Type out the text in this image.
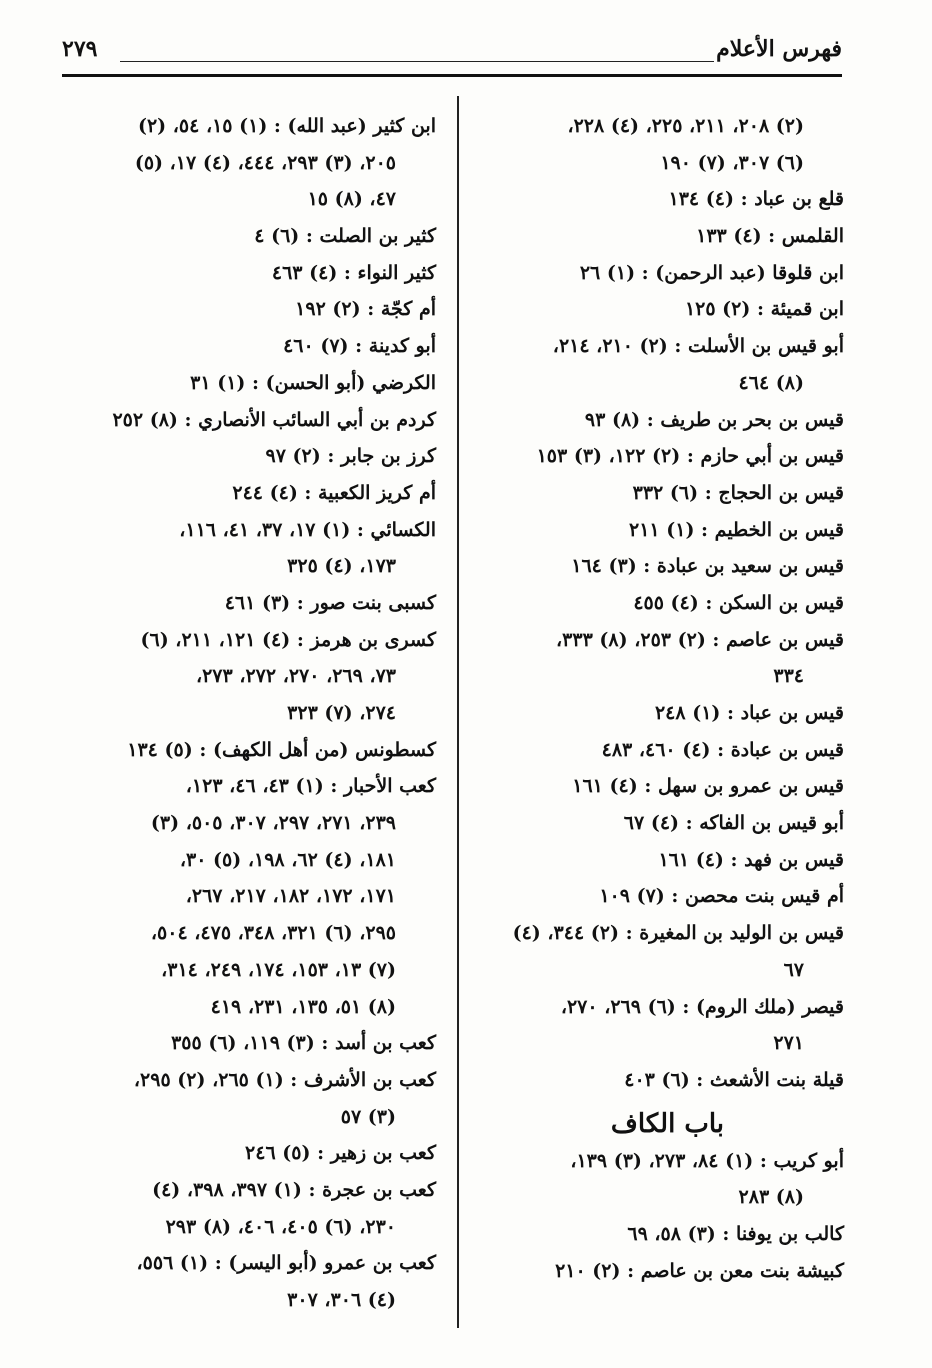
فهرس الأعلام
٢٧٩
(٢) ٢٠٨، ٢١١، ٢٢٥، (٤) ٢٢٨،
(٦) ٣٠٧، (٧) ١٩٠
قلع بن عباد : (٤) ١٣٤
القلمس : (٤) ١٣٣
ابن قلوقا (عبد الرحمن) : (١) ٢٦
ابن قميئة : (٢) ١٢٥
أبو قيس بن الأسلت : (٢) ٢١٠، ٢١٤،
(٨) ٤٦٤
قيس بن بحر بن طريف : (٨) ٩٣
قيس بن أبي حازم : (٢) ١٢٢، (٣) ١٥٣
قيس بن الحجاج : (٦) ٣٣٢
قيس بن الخطيم : (١) ٢١١
قيس بن سعيد بن عبادة : (٣) ١٦٤
قيس بن السكن : (٤) ٤٥٥
قيس بن عاصم : (٢) ٢٥٣، (٨) ٣٣٣،
٣٣٤
قيس بن عباد : (١) ٢٤٨
قيس بن عبادة : (٤) ٤٦٠، ٤٨٣
قيس بن عمرو بن سهل : (٤) ١٦١
أبو قيس بن الفاكه : (٤) ٦٧
قيس بن فهد : (٤) ١٦١
أم قيس بنت محصن : (٧) ١٠٩
قيس بن الوليد بن المغيرة : (٢) ٣٤٤، (٤)
٦٧
قيصر (ملك الروم) : (٦) ٢٦٩، ٢٧٠،
٢٧١
قيلة بنت الأشعث : (٦) ٤٠٣
باب الكاف
أبو كريب : (١) ٨٤، ٢٧٣، (٣) ١٣٩،
(٨) ٢٨٣
كالب بن يوفنا : (٣) ٥٨، ٦٩
كبيشة بنت معن بن عاصم : (٢) ٢١٠
ابن كثير (عبد الله) : (١) ١٥، ٥٤، (٢)
٢٠٥، (٣) ٢٩٣، ٤٤٤، (٤) ١٧، (٥)
٤٧، (٨) ١٥
كثير بن الصلت : (٦) ٤
كثير النواء : (٤) ٤٦٣
أم كجّة : (٢) ١٩٢
أبو كدينة : (٧) ٤٦٠
الكرضي (أبو الحسن) : (١) ٣١
كردم بن أبي السائب الأنصاري : (٨) ٢٥٢
كرز بن جابر : (٢) ٩٧
أم كريز الكعبية : (٤) ٢٤٤
الكسائي : (١) ١٧، ٣٧، ٤١، ١١٦،
١٧٣، (٤) ٣٢٥
كسبى بنت صور : (٣) ٤٦١
كسرى بن هرمز : (٤) ١٢١، ٢١١، (٦)
٧٣، ٢٦٩، ٢٧٠، ٢٧٢، ٢٧٣،
٢٧٤، (٧) ٣٢٣
كسطونس (من أهل الكهف) : (٥) ١٣٤
كعب الأحبار : (١) ٤٣، ٤٦، ١٢٣،
٢٣٩، ٢٧١، ٢٩٧، ٣٠٧، ٥٠٥، (٣)
١٨١، (٤) ٦٢، ١٩٨، (٥) ٣٠،
١٧١، ١٧٢، ١٨٢، ٢١٧، ٢٦٧،
٢٩٥، (٦) ٣٢١، ٣٤٨، ٤٧٥، ٥٠٤،
(٧) ١٣، ١٥٣، ١٧٤، ٢٤٩، ٣١٤،
(٨) ٥١، ١٣٥، ٢٣١، ٤١٩
كعب بن أسد : (٣) ١١٩، (٦) ٣٥٥
كعب بن الأشرف : (١) ٢٦٥، (٢) ٢٩٥،
(٣) ٥٧
كعب بن زهير : (٥) ٢٤٦
كعب بن عجرة : (١) ٣٩٧، ٣٩٨، (٤)
٢٣٠، (٦) ٤٠٥، ٤٠٦، (٨) ٢٩٣
كعب بن عمرو (أبو اليسر) : (١) ٥٥٦،
(٤) ٣٠٦، ٣٠٧
